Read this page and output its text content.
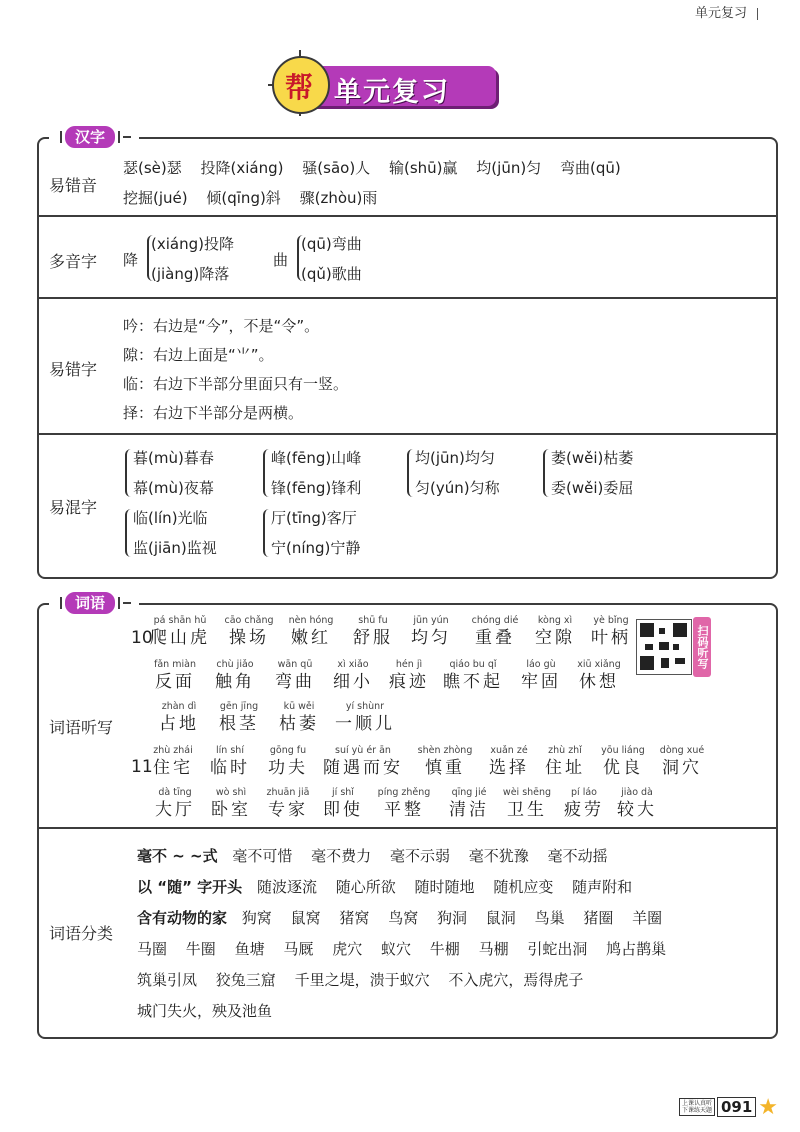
单元复习
单元复习
帮
汉字
易错音
瑟(sè)瑟 投降(xiáng) 骚(sāo)人 输(shū)赢 均(jūn)匀 弯曲(qū)
挖掘(jué) 倾(qīng)斜 骤(zhòu)雨
多音字	降
(xiáng)投降
(jiàng)降落
曲
(qū)弯曲
(qǔ)歌曲
易错字
吟：右边是“今”，不是“令”。
隙：右边上面是“⺌”。
临：右边下半部分里面只有一竖。
择：右边下半部分是两横。
易混字
暮(mù)暮春
幕(mù)夜幕
峰(fēng)山峰
锋(fēng)锋利
均(jūn)均匀
匀(yún)匀称
萎(wěi)枯萎
委(wěi)委屈
临(lín)光临
监(jiān)监视
厅(tīng)客厅
宁(níng)宁静
词语
词语听写
扫码听写
10
11
pá shān hǔ
爬山虎
cāo chǎng
操场
nèn hóng
嫩红
shū fu
舒服
jūn yún
均匀
chóng dié
重叠
kòng xì
空隙
yè bǐng
叶柄
fǎn miàn
反面
chù jiǎo
触角
wān qū
弯曲
xì xiǎo
细小
hén jì
痕迹
qiáo bu qǐ
瞧不起
láo gù
牢固
xiū xiǎng
休想
zhàn dì
占地
gēn jīng
根茎
kū wěi
枯萎
yí shùnr
一顺儿
zhù zhái
住宅
lín shí
临时
gōng fu
功夫
suí yù ér ān
随遇而安
shèn zhòng
慎重
xuǎn zé
选择
zhù zhǐ
住址
yōu liáng
优良
dòng xué
洞穴
dà tīng
大厅
wò shì
卧室
zhuān jiā
专家
jí shǐ
即使
píng zhěng
平整
qīng jié
清洁
wèi shēng
卫生
pí láo
疲劳
jiào dà
较大
词语分类
毫不 ~ ~式 毫不可惜 毫不费力 毫不示弱 毫不犹豫 毫不动摇
以 “随” 字开头 随波逐流 随心所欲 随时随地 随机应变 随声附和
含有动物的家 狗窝 鼠窝 猪窝 鸟窝 狗洞 鼠洞 鸟巢 猪圈 羊圈
马圈 牛圈 鱼塘 马厩 虎穴 蚁穴 牛棚 马棚 引蛇出洞 鸠占鹊巢
筑巢引凤 狡兔三窟 千里之堤，溃于蚁穴 不入虎穴，焉得虎子
城门失火，殃及池鱼
上课认真听
下课练天题 091 ★
